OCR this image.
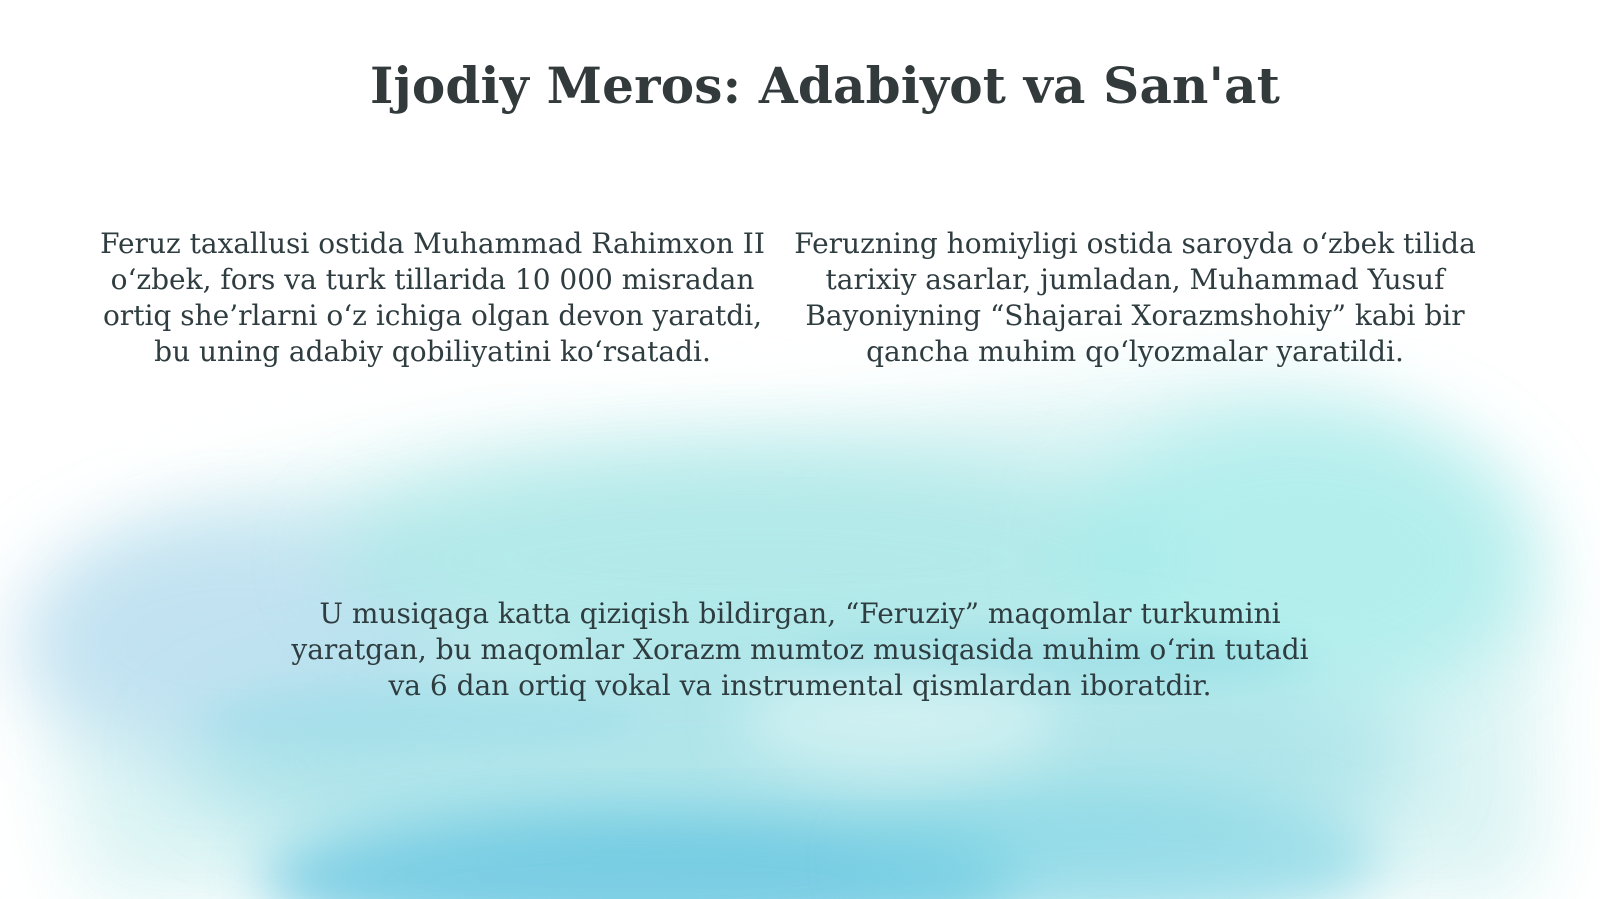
Ijodiy Meros: Adabiyot va San'at

Feruz taxallusi ostida Muhammad Rahimxon II o‘zbek, fors va turk tillarida 10 000 misradan ortiq she’rlarni o‘z ichiga olgan devon yaratdi, bu uning adabiy qobiliyatini ko‘rsatadi.

Feruzning homiyligi ostida saroyda o‘zbek tilida tarixiy asarlar, jumladan, Muhammad Yusuf Bayoniyning “Shajarai Xorazmshohiy” kabi bir qancha muhim qo‘lyozmalar yaratildi.

U musiqaga katta qiziqish bildirgan, “Feruziy” maqomlar turkumini yaratgan, bu maqomlar Xorazm mumtoz musiqasida muhim o‘rin tutadi va 6 dan ortiq vokal va instrumental qismlardan iboratdir.
